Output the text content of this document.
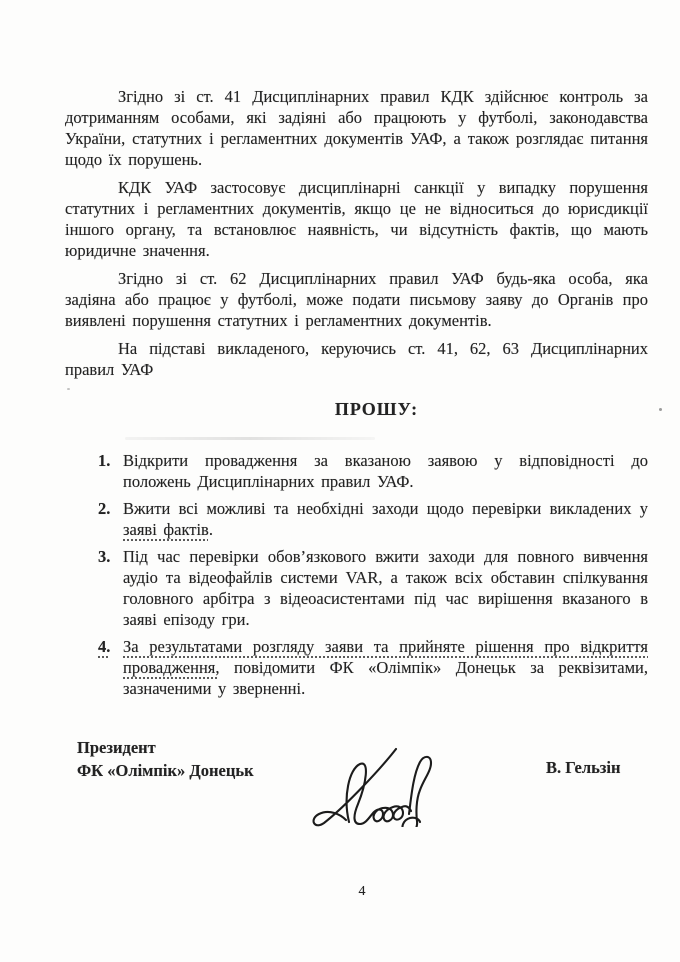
Згідно зі ст. 41 Дисциплінарних правил КДК здійснює контроль за дотриманням особами, які задіяні або працюють у футболі, законодавства України, статутних і регламентних документів УАФ, а також розглядає питання щодо їх порушень.

КДК УАФ застосовує дисциплінарні санкції у випадку порушення статутних і регламентних документів, якщо це не відноситься до юрисдикції іншого органу, та встановлює наявність, чи відсутність фактів, що мають юридичне значення.

Згідно зі ст. 62 Дисциплінарних правил УАФ будь-яка особа, яка задіяна або працює у футболі, може подати письмову заяву до Органів про виявлені порушення статутних і регламентних документів.

На підставі викладеного, керуючись ст. 41, 62, 63 Дисциплінарних правил УАФ

ПРОШУ:
1. Відкрити провадження за вказаною заявою у відповідності до положень Дисциплінарних правил УАФ.
2. Вжити всі можливі та необхідні заходи щодо перевірки викладених у заяві фактів.
3. Під час перевірки обов’язкового вжити заходи для повного вивчення аудіо та відеофайлів системи VAR, а також всіх обставин спілкування головного арбітра з відеоасистентами під час вирішення вказаного в заяві епізоду гри.
4. За результатами розгляду заяви та прийняте рішення про відкриття провадження, повідомити ФК «Олімпік» Донецьк за реквізитами, зазначеними у зверненні.
Президент
ФК «Олімпік» Донецьк	В. Гельзін
4
